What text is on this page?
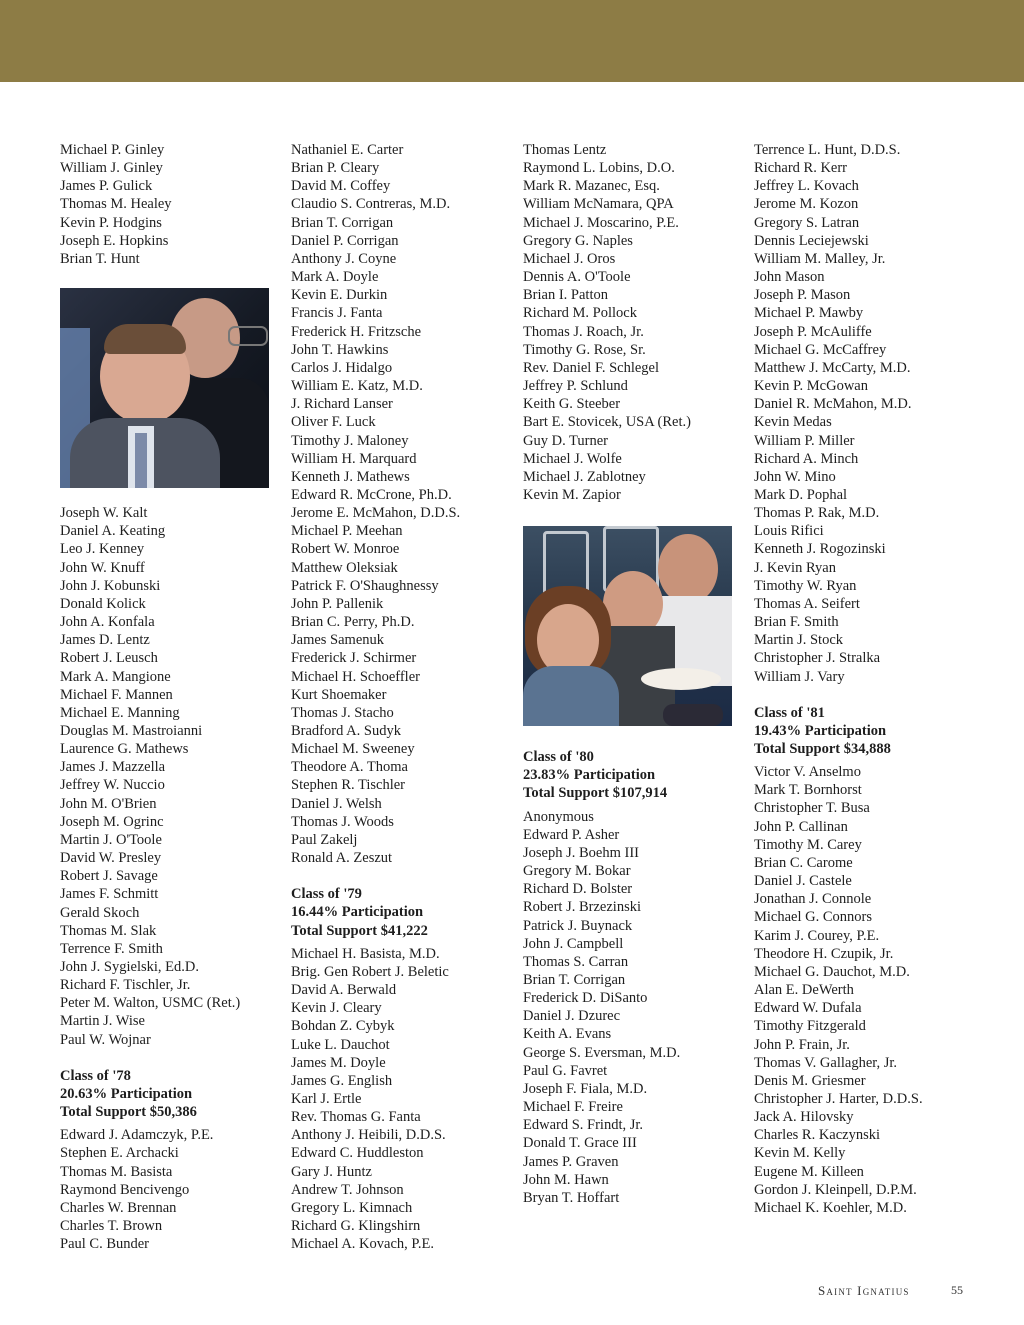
Michael P. Ginley
William J. Ginley
James P. Gulick
Thomas M. Healey
Kevin P. Hodgins
Joseph E. Hopkins
Brian T. Hunt
Joseph W. Kalt
Daniel A. Keating
Leo J. Kenney
John W. Knuff
John J. Kobunski
Donald Kolick
John A. Konfala
James D. Lentz
Robert J. Leusch
Mark A. Mangione
Michael F. Mannen
Michael E. Manning
Douglas M. Mastroianni
Laurence G. Mathews
James J. Mazzella
Jeffrey W. Nuccio
John M. O'Brien
Joseph M. Ogrinc
Martin J. O'Toole
David W. Presley
Robert J. Savage
James F. Schmitt
Gerald Skoch
Thomas M. Slak
Terrence F. Smith
John J. Sygielski, Ed.D.
Richard F. Tischler, Jr.
Peter M. Walton, USMC (Ret.)
Martin J. Wise
Paul W. Wojnar
Class of '78
20.63% Participation
Total Support $50,386
Edward J. Adamczyk, P.E.
Stephen E. Archacki
Thomas M. Basista
Raymond Bencivengo
Charles W. Brennan
Charles T. Brown
Paul C. Bunder
Nathaniel E. Carter
Brian P. Cleary
David M. Coffey
Claudio S. Contreras, M.D.
Brian T. Corrigan
Daniel P. Corrigan
Anthony J. Coyne
Mark A. Doyle
Kevin E. Durkin
Francis J. Fanta
Frederick H. Fritzsche
John T. Hawkins
Carlos J. Hidalgo
William E. Katz, M.D.
J. Richard Lanser
Oliver F. Luck
Timothy J. Maloney
William H. Marquard
Kenneth J. Mathews
Edward R. McCrone, Ph.D.
Jerome E. McMahon, D.D.S.
Michael P. Meehan
Robert W. Monroe
Matthew Oleksiak
Patrick F. O'Shaughnessy
John P. Pallenik
Brian C. Perry, Ph.D.
James Samenuk
Frederick J. Schirmer
Michael H. Schoeffler
Kurt Shoemaker
Thomas J. Stacho
Bradford A. Sudyk
Michael M. Sweeney
Theodore A. Thoma
Stephen R. Tischler
Daniel J. Welsh
Thomas J. Woods
Paul Zakelj
Ronald A. Zeszut
Class of '79
16.44% Participation
Total Support $41,222
Michael H. Basista, M.D.
Brig. Gen Robert J. Beletic
David A. Berwald
Kevin J. Cleary
Bohdan Z. Cybyk
Luke L. Dauchot
James M. Doyle
James G. English
Karl J. Ertle
Rev. Thomas G. Fanta
Anthony J. Heibili, D.D.S.
Edward C. Huddleston
Gary J. Huntz
Andrew T. Johnson
Gregory L. Kimnach
Richard G. Klingshirn
Michael A. Kovach, P.E.
Thomas Lentz
Raymond L. Lobins, D.O.
Mark R. Mazanec, Esq.
William McNamara, QPA
Michael J. Moscarino, P.E.
Gregory G. Naples
Michael J. Oros
Dennis A. O'Toole
Brian I. Patton
Richard M. Pollock
Thomas J. Roach, Jr.
Timothy G. Rose, Sr.
Rev. Daniel F. Schlegel
Jeffrey P. Schlund
Keith G. Steeber
Bart E. Stovicek, USA (Ret.)
Guy D. Turner
Michael J. Wolfe
Michael J. Zablotney
Kevin M. Zapior
Class of '80
23.83% Participation
Total Support $107,914
Anonymous
Edward P. Asher
Joseph J. Boehm III
Gregory M. Bokar
Richard D. Bolster
Robert J. Brzezinski
Patrick J. Buynack
John J. Campbell
Thomas S. Carran
Brian T. Corrigan
Frederick D. DiSanto
Daniel J. Dzurec
Keith A. Evans
George S. Eversman, M.D.
Paul G. Favret
Joseph F. Fiala, M.D.
Michael F. Freire
Edward S. Frindt, Jr.
Donald T. Grace III
James P. Graven
John M. Hawn
Bryan T. Hoffart
Terrence L. Hunt, D.D.S.
Richard R. Kerr
Jeffrey L. Kovach
Jerome M. Kozon
Gregory S. Latran
Dennis Leciejewski
William M. Malley, Jr.
John Mason
Joseph P. Mason
Michael P. Mawby
Joseph P. McAuliffe
Michael G. McCaffrey
Matthew J. McCarty, M.D.
Kevin P. McGowan
Daniel R. McMahon, M.D.
Kevin Medas
William P. Miller
Richard A. Minch
John W. Mino
Mark D. Pophal
Thomas P. Rak, M.D.
Louis Rifici
Kenneth J. Rogozinski
J. Kevin Ryan
Timothy W. Ryan
Thomas A. Seifert
Brian F. Smith
Martin J. Stock
Christopher J. Stralka
William J. Vary
Class of '81
19.43% Participation
Total Support $34,888
Victor V. Anselmo
Mark T. Bornhorst
Christopher T. Busa
John P. Callinan
Timothy M. Carey
Brian C. Carome
Daniel J. Castele
Jonathan J. Connole
Michael G. Connors
Karim J. Courey, P.E.
Theodore H. Czupik, Jr.
Michael G. Dauchot, M.D.
Alan E. DeWerth
Edward W. Dufala
Timothy Fitzgerald
John P. Frain, Jr.
Thomas V. Gallagher, Jr.
Denis M. Griesmer
Christopher J. Harter, D.D.S.
Jack A. Hilovsky
Charles R. Kaczynski
Kevin M. Kelly
Eugene M. Killeen
Gordon J. Kleinpell, D.P.M.
Michael K. Koehler, M.D.
Saint Ignatius	55
